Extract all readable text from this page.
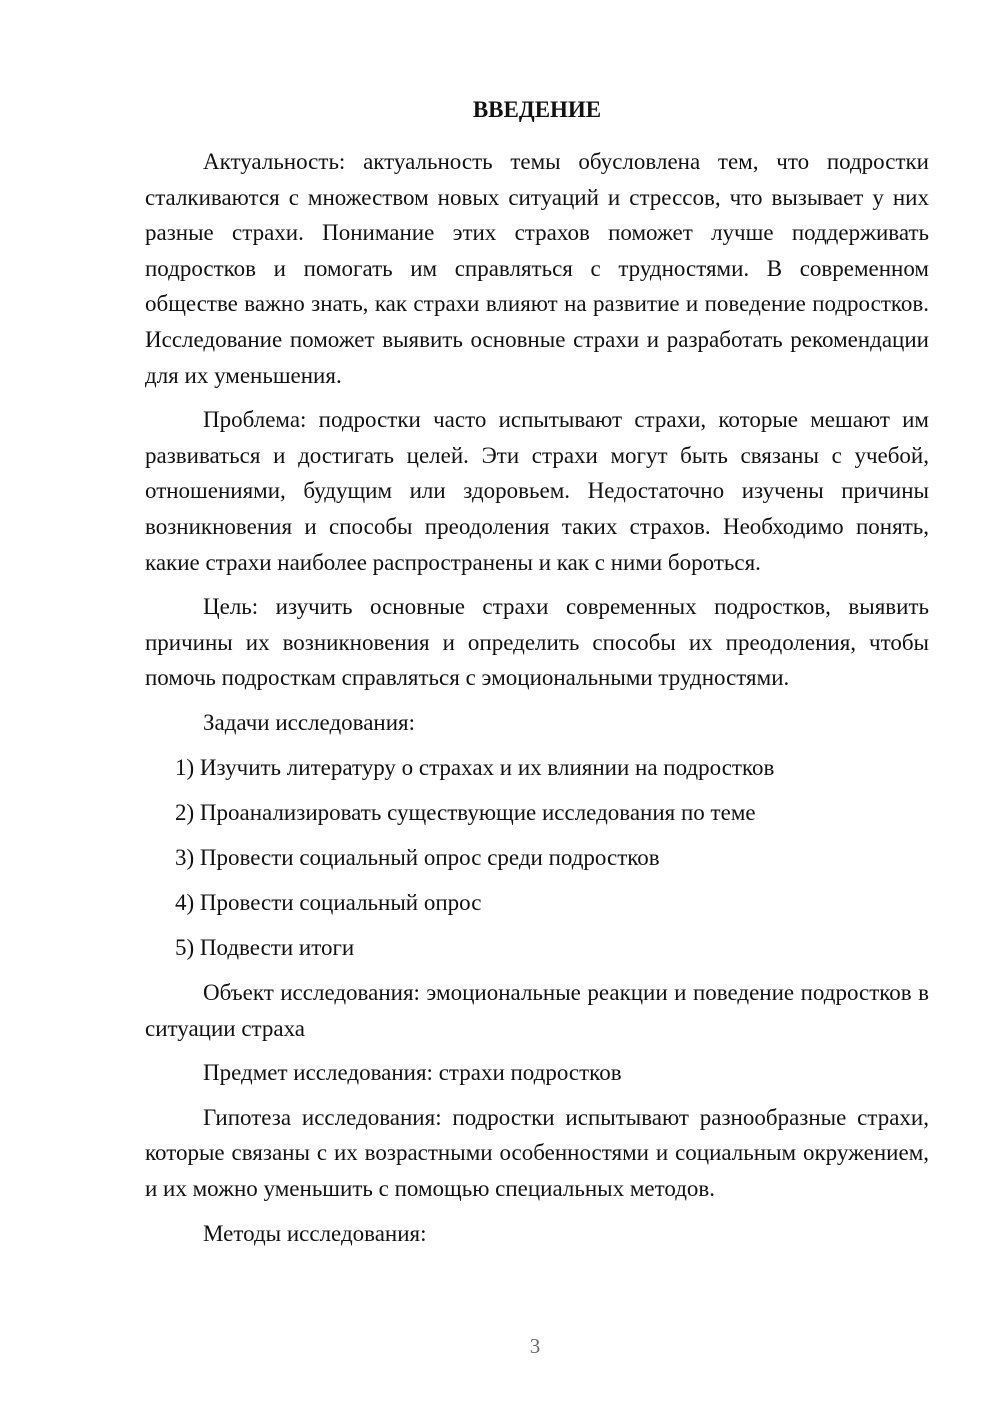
ВВЕДЕНИЕ

Актуальность: актуальность темы обусловлена тем, что подростки сталкиваются с множеством новых ситуаций и стрессов, что вызывает у них разные страхи. Понимание этих страхов поможет лучше поддерживать подростков и помогать им справляться с трудностями. В современном обществе важно знать, как страхи влияют на развитие и поведение подростков. Исследование поможет выявить основные страхи и разработать рекомендации для их уменьшения.

Проблема: подростки часто испытывают страхи, которые мешают им развиваться и достигать целей. Эти страхи могут быть связаны с учебой, отношениями, будущим или здоровьем. Недостаточно изучены причины возникновения и способы преодоления таких страхов. Необходимо понять, какие страхи наиболее распространены и как с ними бороться.

Цель: изучить основные страхи современных подростков, выявить причины их возникновения и определить способы их преодоления, чтобы помочь подросткам справляться с эмоциональными трудностями.

Задачи исследования:

1) Изучить литературу о страхах и их влиянии на подростков
2) Проанализировать существующие исследования по теме
3) Провести социальный опрос среди подростков
4) Провести социальный опрос
5) Подвести итоги

Объект исследования: эмоциональные реакции и поведение подростков в ситуации страха

Предмет исследования: страхи подростков

Гипотеза исследования: подростки испытывают разнообразные страхи, которые связаны с их возрастными особенностями и социальным окружением, и их можно уменьшить с помощью специальных методов.

Методы исследования:

3
